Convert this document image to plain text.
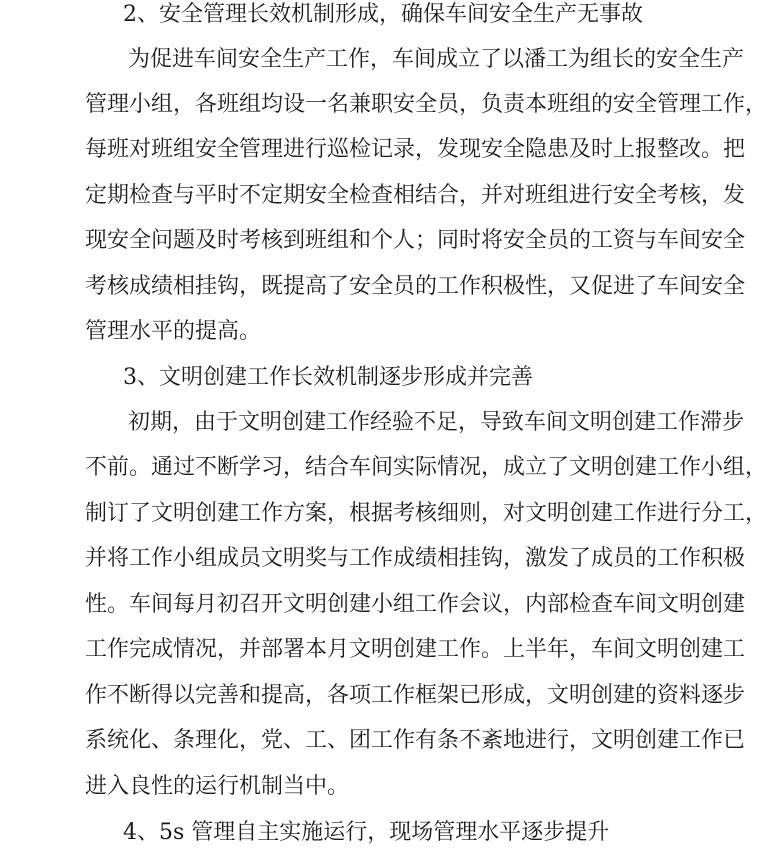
2、安全管理长效机制形成，确保车间安全生产无事故
为促进车间安全生产工作，车间成立了以潘工为组长的安全生产
管理小组，各班组均设一名兼职安全员，负责本班组的安全管理工作，
每班对班组安全管理进行巡检记录，发现安全隐患及时上报整改。把
定期检查与平时不定期安全检查相结合，并对班组进行安全考核，发
现安全问题及时考核到班组和个人；同时将安全员的工资与车间安全
考核成绩相挂钩，既提高了安全员的工作积极性，又促进了车间安全
管理水平的提高。
3、文明创建工作长效机制逐步形成并完善
初期，由于文明创建工作经验不足，导致车间文明创建工作滞步
不前。通过不断学习，结合车间实际情况，成立了文明创建工作小组，
制订了文明创建工作方案，根据考核细则，对文明创建工作进行分工，
并将工作小组成员文明奖与工作成绩相挂钩，激发了成员的工作积极
性。车间每月初召开文明创建小组工作会议，内部检查车间文明创建
工作完成情况，并部署本月文明创建工作。上半年，车间文明创建工
作不断得以完善和提高，各项工作框架已形成，文明创建的资料逐步
系统化、条理化，党、工、团工作有条不紊地进行，文明创建工作已
进入良性的运行机制当中。
4、5s 管理自主实施运行，现场管理水平逐步提升
